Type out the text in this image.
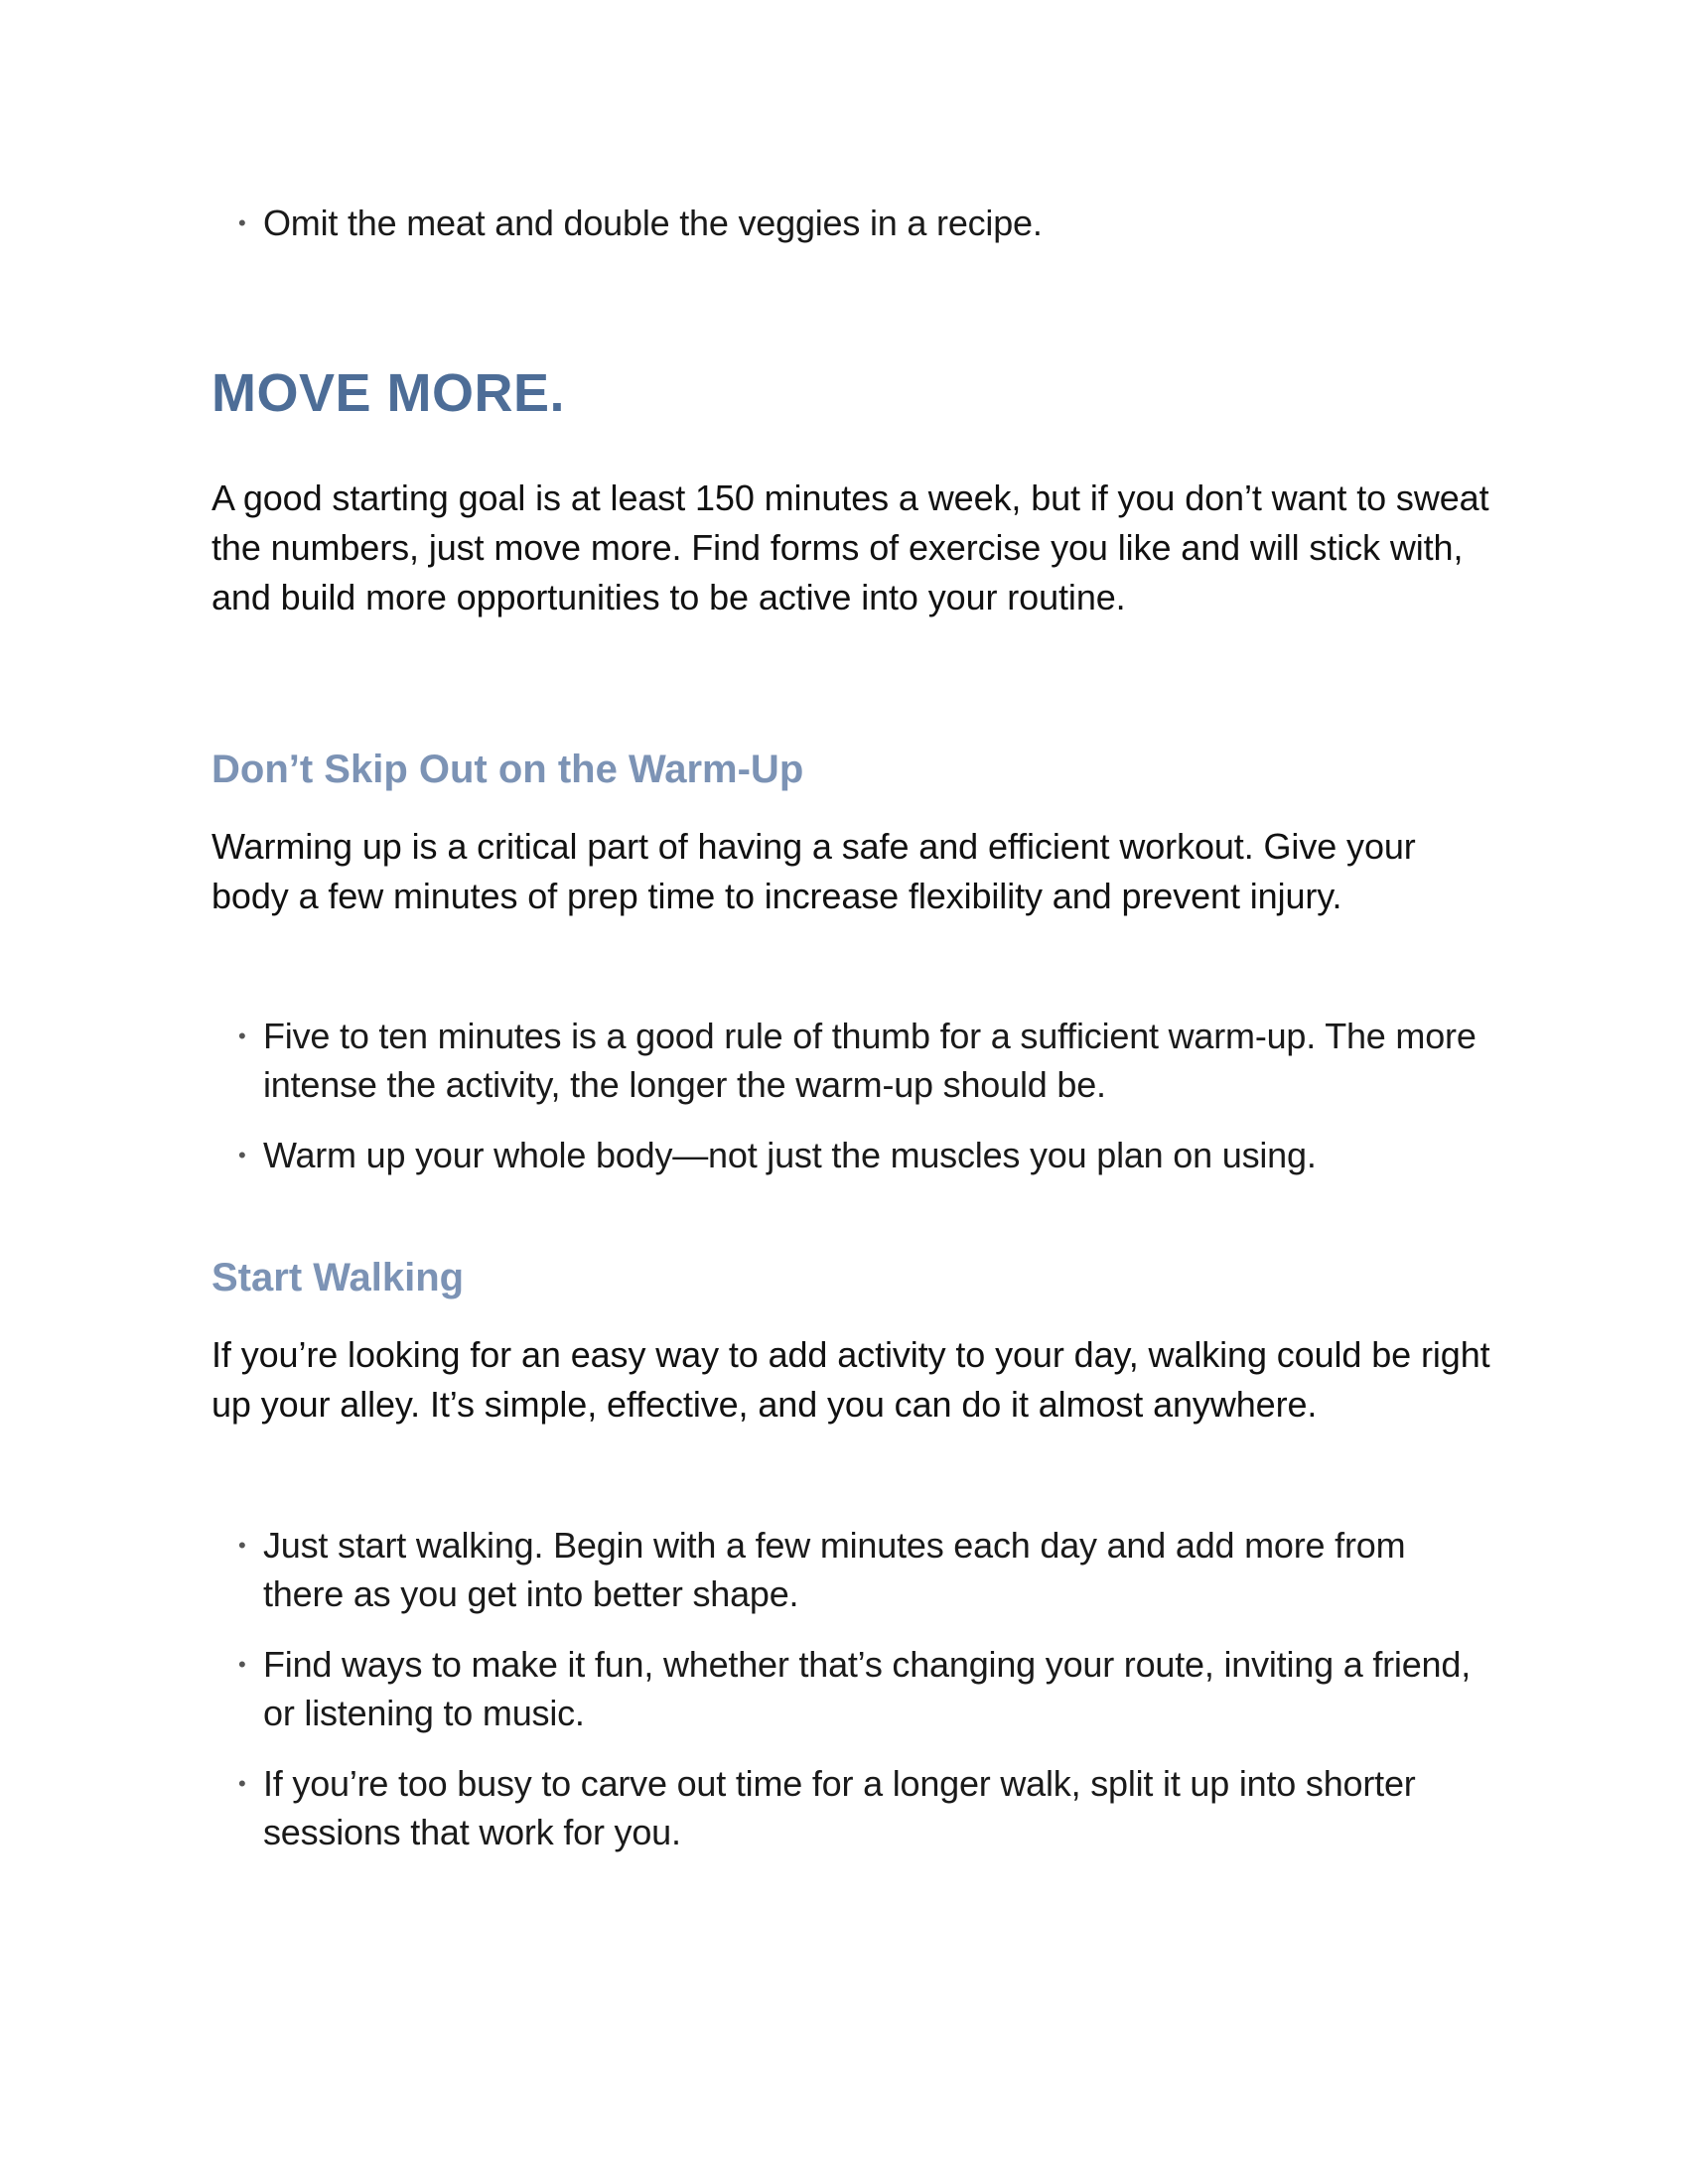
• Omit the meat and double the veggies in a recipe.
MOVE MORE.

A good starting goal is at least 150 minutes a week, but if you don’t want to sweat the numbers, just move more. Find forms of exercise you like and will stick with, and build more opportunities to be active into your routine.

Don’t Skip Out on the Warm-Up

Warming up is a critical part of having a safe and efficient workout. Give your body a few minutes of prep time to increase flexibility and prevent injury.

• Five to ten minutes is a good rule of thumb for a sufficient warm-up. The more intense the activity, the longer the warm-up should be.
• Warm up your whole body—not just the muscles you plan on using.
Start Walking

If you’re looking for an easy way to add activity to your day, walking could be right up your alley. It’s simple, effective, and you can do it almost anywhere.

• Just start walking. Begin with a few minutes each day and add more from there as you get into better shape.
• Find ways to make it fun, whether that’s changing your route, inviting a friend, or listening to music.
• If you’re too busy to carve out time for a longer walk, split it up into shorter sessions that work for you.
